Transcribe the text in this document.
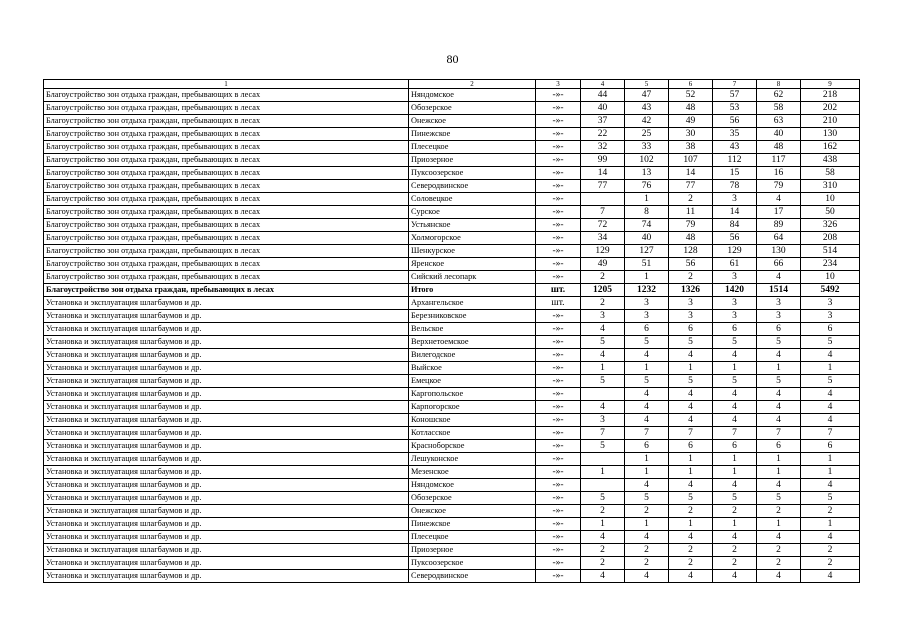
80
1	2	3	4	5	6	7	8	9
Благоустройство зон отдыха граждан, пребывающих в лесах	Няндомское	-»-	44	47	52	57	62	218
Благоустройство зон отдыха граждан, пребывающих в лесах	Обозерское	-»-	40	43	48	53	58	202
Благоустройство зон отдыха граждан, пребывающих в лесах	Онежское	-»-	37	42	49	56	63	210
Благоустройство зон отдыха граждан, пребывающих в лесах	Пинежское	-»-	22	25	30	35	40	130
Благоустройство зон отдыха граждан, пребывающих в лесах	Плесецкое	-»-	32	33	38	43	48	162
Благоустройство зон отдыха граждан, пребывающих в лесах	Приозерное	-»-	99	102	107	112	117	438
Благоустройство зон отдыха граждан, пребывающих в лесах	Пуксоозерское	-»-	14	13	14	15	16	58
Благоустройство зон отдыха граждан, пребывающих в лесах	Северодвинское	-»-	77	76	77	78	79	310
Благоустройство зон отдыха граждан, пребывающих в лесах	Соловецкое	-»-		1	2	3	4	10
Благоустройство зон отдыха граждан, пребывающих в лесах	Сурское	-»-	7	8	11	14	17	50
Благоустройство зон отдыха граждан, пребывающих в лесах	Устьянское	-»-	72	74	79	84	89	326
Благоустройство зон отдыха граждан, пребывающих в лесах	Холмогорское	-»-	34	40	48	56	64	208
Благоустройство зон отдыха граждан, пребывающих в лесах	Шенкурское	-»-	129	127	128	129	130	514
Благоустройство зон отдыха граждан, пребывающих в лесах	Яренское	-»-	49	51	56	61	66	234
Благоустройство зон отдыха граждан, пребывающих в лесах	Сийский лесопарк	-»-	2	1	2	3	4	10
Благоустройство зон отдыха граждан, пребывающих в лесах	Итого	шт.	1205	1232	1326	1420	1514	5492
Установка и эксплуатация шлагбаумов и др.	Архангельское	шт.	2	3	3	3	3	3
Установка и эксплуатация шлагбаумов и др.	Березниковское	-»-	3	3	3	3	3	3
Установка и эксплуатация шлагбаумов и др.	Вельское	-»-	4	6	6	6	6	6
Установка и эксплуатация шлагбаумов и др.	Верхнетоемское	-»-	5	5	5	5	5	5
Установка и эксплуатация шлагбаумов и др.	Вилегодское	-»-	4	4	4	4	4	4
Установка и эксплуатация шлагбаумов и др.	Выйское	-»-	1	1	1	1	1	1
Установка и эксплуатация шлагбаумов и др.	Емецкое	-»-	5	5	5	5	5	5
Установка и эксплуатация шлагбаумов и др.	Каргопольское	-»-		4	4	4	4	4
Установка и эксплуатация шлагбаумов и др.	Карпогорское	-»-	4	4	4	4	4	4
Установка и эксплуатация шлагбаумов и др.	Коношское	-»-	3	4	4	4	4	4
Установка и эксплуатация шлагбаумов и др.	Котласское	-»-	7	7	7	7	7	7
Установка и эксплуатация шлагбаумов и др.	Красноборское	-»-	5	6	6	6	6	6
Установка и эксплуатация шлагбаумов и др.	Лешуконское	-»-		1	1	1	1	1
Установка и эксплуатация шлагбаумов и др.	Мезенское	-»-	1	1	1	1	1	1
Установка и эксплуатация шлагбаумов и др.	Няндомское	-»-		4	4	4	4	4
Установка и эксплуатация шлагбаумов и др.	Обозерское	-»-	5	5	5	5	5	5
Установка и эксплуатация шлагбаумов и др.	Онежское	-»-	2	2	2	2	2	2
Установка и эксплуатация шлагбаумов и др.	Пинежское	-»-	1	1	1	1	1	1
Установка и эксплуатация шлагбаумов и др.	Плесецкое	-»-	4	4	4	4	4	4
Установка и эксплуатация шлагбаумов и др.	Приозерное	-»-	2	2	2	2	2	2
Установка и эксплуатация шлагбаумов и др.	Пуксоозерское	-»-	2	2	2	2	2	2
Установка и эксплуатация шлагбаумов и др.	Северодвинское	-»-	4	4	4	4	4	4
